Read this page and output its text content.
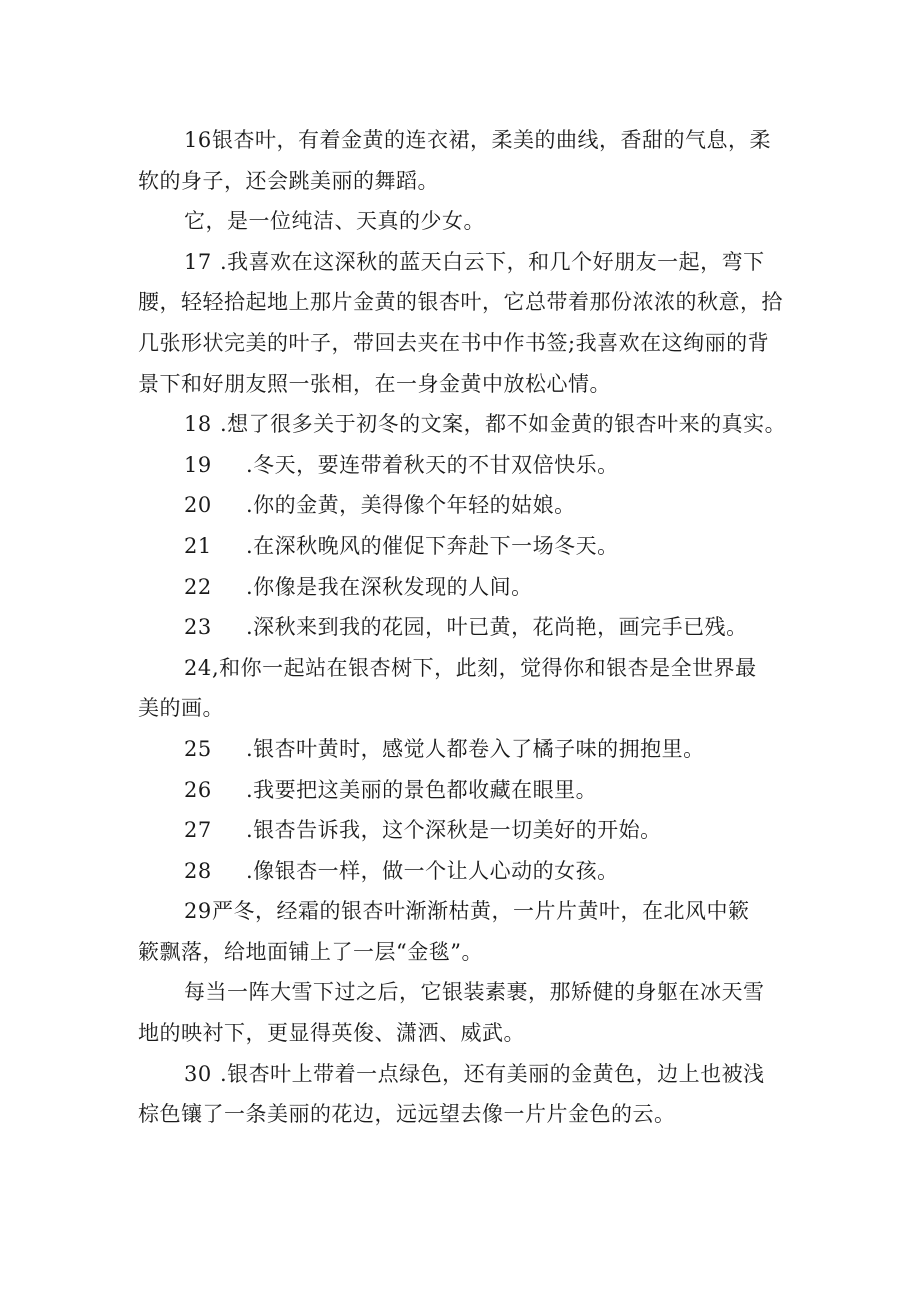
16银杏叶，有着金黄的连衣裙，柔美的曲线，香甜的气息，柔
软的身子，还会跳美丽的舞蹈。
它，是一位纯洁、天真的少女。
17 .我喜欢在这深秋的蓝天白云下，和几个好朋友一起，弯下
腰，轻轻拾起地上那片金黄的银杏叶，它总带着那份浓浓的秋意，拾
几张形状完美的叶子，带回去夹在书中作书签;我喜欢在这绚丽的背
景下和好朋友照一张相，在一身金黄中放松心情。
18 .想了很多关于初冬的文案，都不如金黄的银杏叶来的真实。
19 .冬天，要连带着秋天的不甘双倍快乐。
20 .你的金黄，美得像个年轻的姑娘。
21 .在深秋晚风的催促下奔赴下一场冬天。
22 .你像是我在深秋发现的人间。
23 .深秋来到我的花园，叶已黄，花尚艳，画完手已残。
24,和你一起站在银杏树下，此刻，觉得你和银杏是全世界最
美的画。
25 .银杏叶黄时，感觉人都卷入了橘子味的拥抱里。
26 .我要把这美丽的景色都收藏在眼里。
27 .银杏告诉我，这个深秋是一切美好的开始。
28 .像银杏一样，做一个让人心动的女孩。
29严冬，经霜的银杏叶渐渐枯黄，一片片黄叶，在北风中簌
簌飘落，给地面铺上了一层“金毯”。
每当一阵大雪下过之后，它银装素裹，那矫健的身躯在冰天雪
地的映衬下，更显得英俊、潇洒、威武。
30 .银杏叶上带着一点绿色，还有美丽的金黄色，边上也被浅
棕色镶了一条美丽的花边，远远望去像一片片金色的云。
